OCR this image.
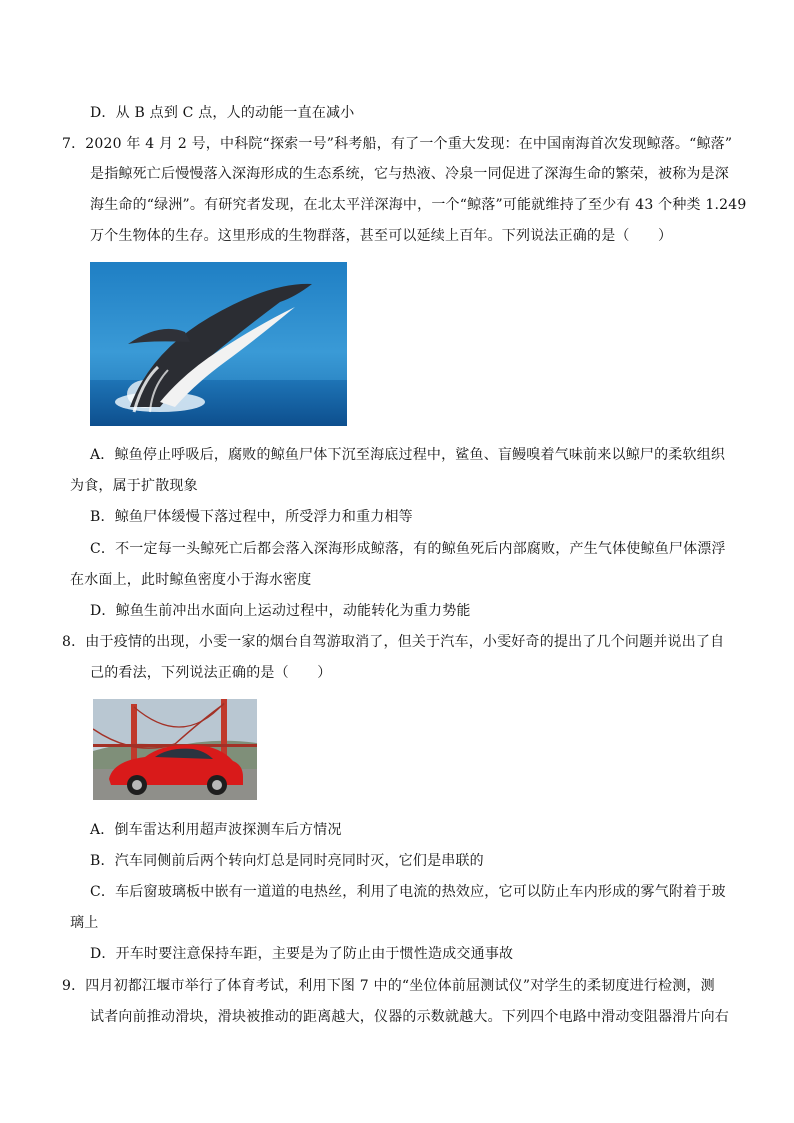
D．从 B 点到 C 点，人的动能一直在减小
7．2020 年 4 月 2 号，中科院“探索一号”科考船，有了一个重大发现：在中国南海首次发现鲸落。“鲸落”
是指鲸死亡后慢慢落入深海形成的生态系统，它与热液、冷泉一同促进了深海生命的繁荣，被称为是深
海生命的“绿洲”。有研究者发现，在北太平洋深海中，一个“鲸落”可能就维持了至少有 43 个种类 1.249
万个生物体的生存。这里形成的生物群落，甚至可以延续上百年。下列说法正确的是（　　）
A．鲸鱼停止呼吸后，腐败的鲸鱼尸体下沉至海底过程中，鲨鱼、盲鳗嗅着气味前来以鲸尸的柔软组织
为食，属于扩散现象
B．鲸鱼尸体缓慢下落过程中，所受浮力和重力相等
C．不一定每一头鲸死亡后都会落入深海形成鲸落，有的鲸鱼死后内部腐败，产生气体使鲸鱼尸体漂浮
在水面上，此时鲸鱼密度小于海水密度
D．鲸鱼生前冲出水面向上运动过程中，动能转化为重力势能
8．由于疫情的出现，小雯一家的烟台自驾游取消了，但关于汽车，小雯好奇的提出了几个问题并说出了自
己的看法，下列说法正确的是（　　）
A．倒车雷达利用超声波探测车后方情况
B．汽车同侧前后两个转向灯总是同时亮同时灭，它们是串联的
C．车后窗玻璃板中嵌有一道道的电热丝，利用了电流的热效应，它可以防止车内形成的雾气附着于玻
璃上
D．开车时要注意保持车距，主要是为了防止由于惯性造成交通事故
9．四月初都江堰市举行了体育考试，利用下图 7 中的“坐位体前屈测试仪”对学生的柔韧度进行检测，测
试者向前推动滑块，滑块被推动的距离越大，仪器的示数就越大。下列四个电路中滑动变阻器滑片向右
